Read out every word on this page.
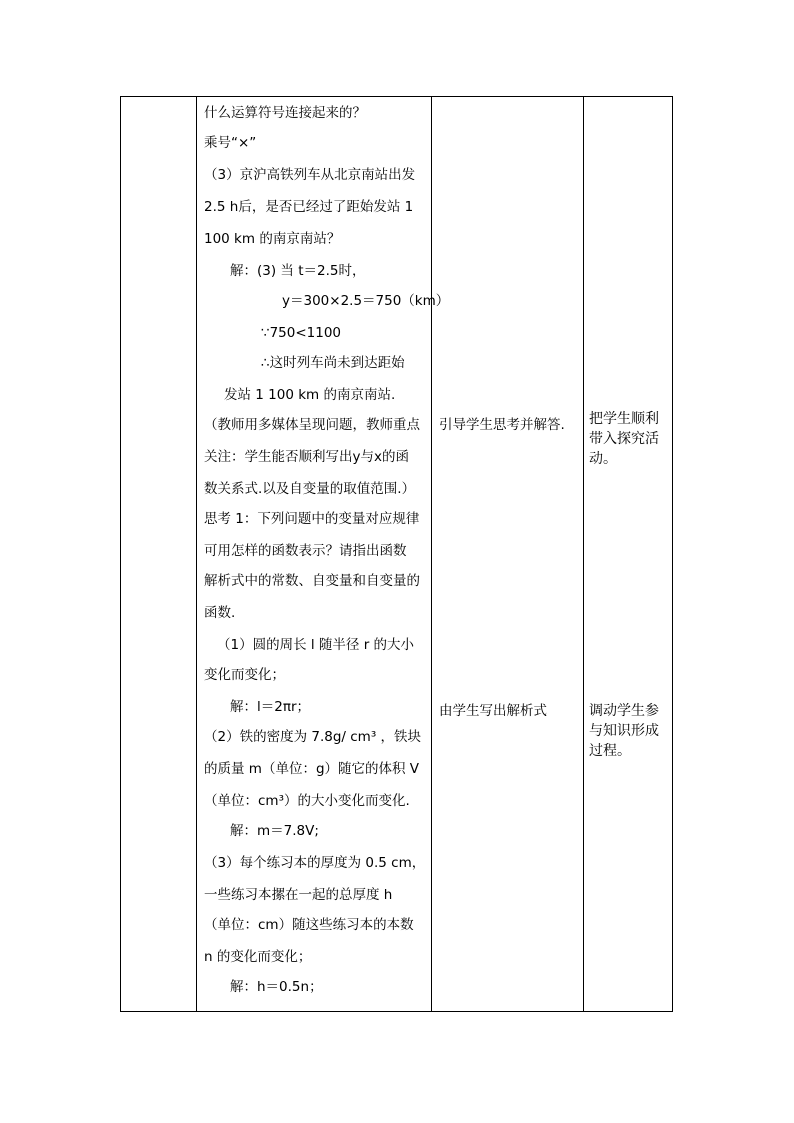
什么运算符号连接起来的？
乘号“×”
（3）京沪高铁列车从北京南站出发
2.5 h后，是否已经过了距始发站 1
100 km 的南京南站？
解：(3) 当 t＝2.5时，
y＝300×2.5＝750（km）
∵750<1100
∴这时列车尚未到达距始
发站 1 100 km 的南京南站.
（教师用多媒体呈现问题，教师重点
关注：学生能否顺利写出y与x的函
数关系式.以及自变量的取值范围.）
思考 1：下列问题中的变量对应规律
可用怎样的函数表示？请指出函数
解析式中的常数、自变量和自变量的
函数.
（1）圆的周长 l 随半径 r 的大小
变化而变化；
解：l＝2πr；
（2）铁的密度为 7.8g/ cm³ ，铁块
的质量 m（单位：g）随它的体积 V
（单位：cm³）的大小变化而变化.
解：m＝7.8V;
（3）每个练习本的厚度为 0.5 cm，
一些练习本摞在一起的总厚度 h
（单位：cm）随这些练习本的本数
n 的变化而变化；
解：h＝0.5n；
引导学生思考并解答.
由学生写出解析式
把学生顺利带入探究活动。
调动学生参与知识形成过程。
